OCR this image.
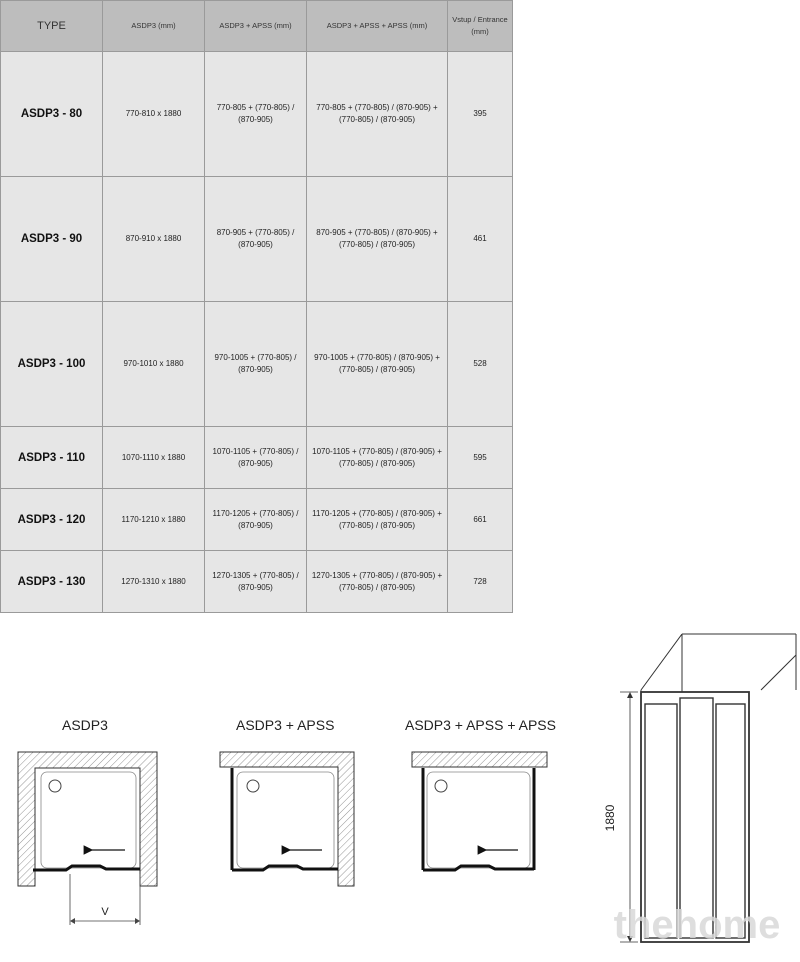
TYPE	ASDP3 (mm)	ASDP3 + APSS (mm)	ASDP3 + APSS + APSS (mm)	Vstup / Entrance (mm)
ASDP3 - 80	770-810 x 1880	770-805 + (770-805) / (870-905)	770-805 + (770-805) / (870-905) + (770-805) / (870-905)	395
ASDP3 - 90	870-910 x 1880	870-905 + (770-805) / (870-905)	870-905 + (770-805) / (870-905) + (770-805) / (870-905)	461
ASDP3 - 100	970-1010 x 1880	970-1005 + (770-805) / (870-905)	970-1005 + (770-805) / (870-905) + (770-805) / (870-905)	528
ASDP3 - 110	1070-1110 x 1880	1070-1105 + (770-805) / (870-905)	1070-1105 + (770-805) / (870-905) + (770-805) / (870-905)	595
ASDP3 - 120	1170-1210 x 1880	1170-1205 + (770-805) / (870-905)	1170-1205 + (770-805) / (870-905) + (770-805) / (870-905)	661
ASDP3 - 130	1270-1310 x 1880	1270-1305 + (770-805) / (870-905)	1270-1305 + (770-805) / (870-905) + (770-805) / (870-905)	728
ASDP3	ASDP3 + APSS	ASDP3 + APSS + APSS
V
1880
thehome
